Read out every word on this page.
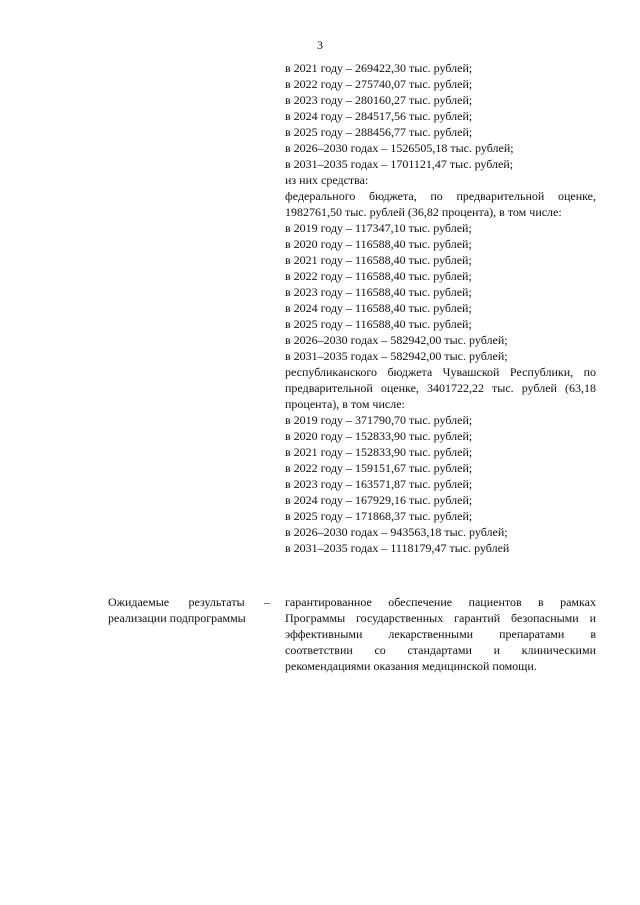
3
в 2021 году – 269422,30 тыс. рублей;
в 2022 году – 275740,07 тыс. рублей;
в 2023 году – 280160,27 тыс. рублей;
в 2024 году – 284517,56 тыс. рублей;
в 2025 году – 288456,77 тыс. рублей;
в 2026–2030 годах – 1526505,18 тыс. рублей;
в 2031–2035 годах – 1701121,47 тыс. рублей;
из них средства:
федерального бюджета, по предварительной оценке, 1982761,50 тыс. рублей (36,82 процента), в том числе:
в 2019 году – 117347,10 тыс. рублей;
в 2020 году – 116588,40 тыс. рублей;
в 2021 году – 116588,40 тыс. рублей;
в 2022 году – 116588,40 тыс. рублей;
в 2023 году – 116588,40 тыс. рублей;
в 2024 году – 116588,40 тыс. рублей;
в 2025 году – 116588,40 тыс. рублей;
в 2026–2030 годах – 582942,00 тыс. рублей;
в 2031–2035 годах – 582942,00 тыс. рублей;
республиканского бюджета Чувашской Республики, по предварительной оценке, 3401722,22 тыс. рублей (63,18 процента), в том числе:
в 2019 году – 371790,70 тыс. рублей;
в 2020 году – 152833,90 тыс. рублей;
в 2021 году – 152833,90 тыс. рублей;
в 2022 году – 159151,67 тыс. рублей;
в 2023 году – 163571,87 тыс. рублей;
в 2024 году – 167929,16 тыс. рублей;
в 2025 году – 171868,37 тыс. рублей;
в 2026–2030 годах – 943563,18 тыс. рублей;
в 2031–2035 годах – 1118179,47 тыс. рублей
Ожидаемые результаты – реализации подпрограммы
гарантированное обеспечение пациентов в рамках Программы государственных гарантий безопасными и эффективными лекарственными препаратами в соответствии со стандартами и клиническими рекомендациями оказания медицинской помощи.
